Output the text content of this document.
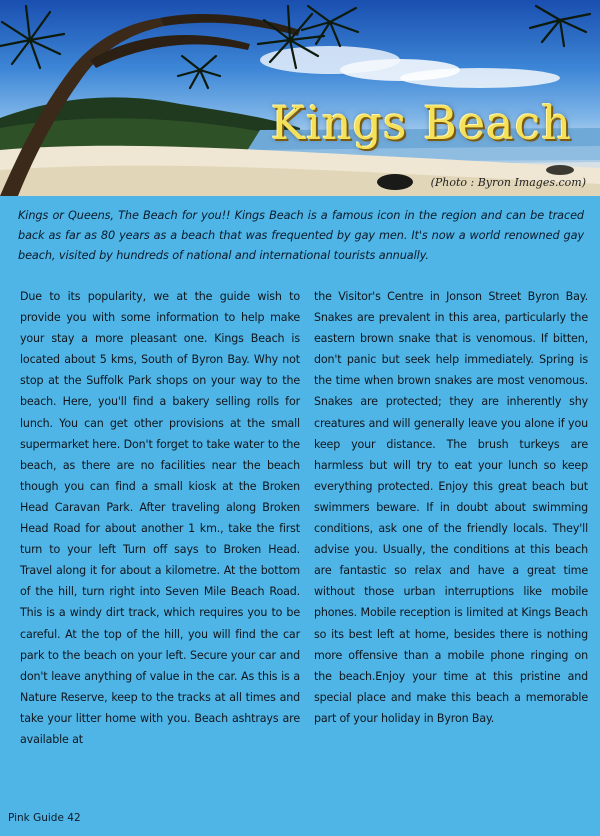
Kings Beach
(Photo : Byron Images.com)

Kings or Queens, The Beach for you!! Kings Beach is a famous icon in the region and can be traced back as far as 80 years as a beach that was frequented by gay men. It's now a world renowned gay beach, visited by hundreds of national and international tourists annually.

Due to its popularity, we at the guide wish to provide you with some information to help make your stay a more pleasant one. Kings Beach is located about 5 kms, South of Byron Bay. Why not stop at the Suffolk Park shops on your way to the beach. Here, you'll find a bakery selling rolls for lunch. You can get other provisions at the small supermarket here. Don't forget to take water to the beach, as there are no facilities near the beach though you can find a small kiosk at the Broken Head Caravan Park. After traveling along Broken Head Road for about another 1 km., take the first turn to your left Turn off says to Broken Head. Travel along it for about a kilometre. At the bottom of the hill, turn right into Seven Mile Beach Road. This is a windy dirt track, which requires you to be careful. At the top of the hill, you will find the car park to the beach on your left. Secure your car and don't leave anything of value in the car. As this is a Nature Reserve, keep to the tracks at all times and take your litter home with you. Beach ashtrays are available at

the Visitor's Centre in Jonson Street Byron Bay. Snakes are prevalent in this area, particularly the eastern brown snake that is venomous. If bitten, don't panic but seek help immediately. Spring is the time when brown snakes are most venomous. Snakes are protected; they are inherently shy creatures and will generally leave you alone if you keep your distance. The brush turkeys are harmless but will try to eat your lunch so keep everything protected. Enjoy this great beach but swimmers beware. If in doubt about swimming conditions, ask one of the friendly locals. They'll advise you. Usually, the conditions at this beach are fantastic so relax and have a great time without those urban interruptions like mobile phones. Mobile reception is limited at Kings Beach so its best left at home, besides there is nothing more offensive than a mobile phone ringing on the beach.Enjoy your time at this pristine and special place and make this beach a memorable part of your holiday in Byron Bay.

Pink Guide 42
